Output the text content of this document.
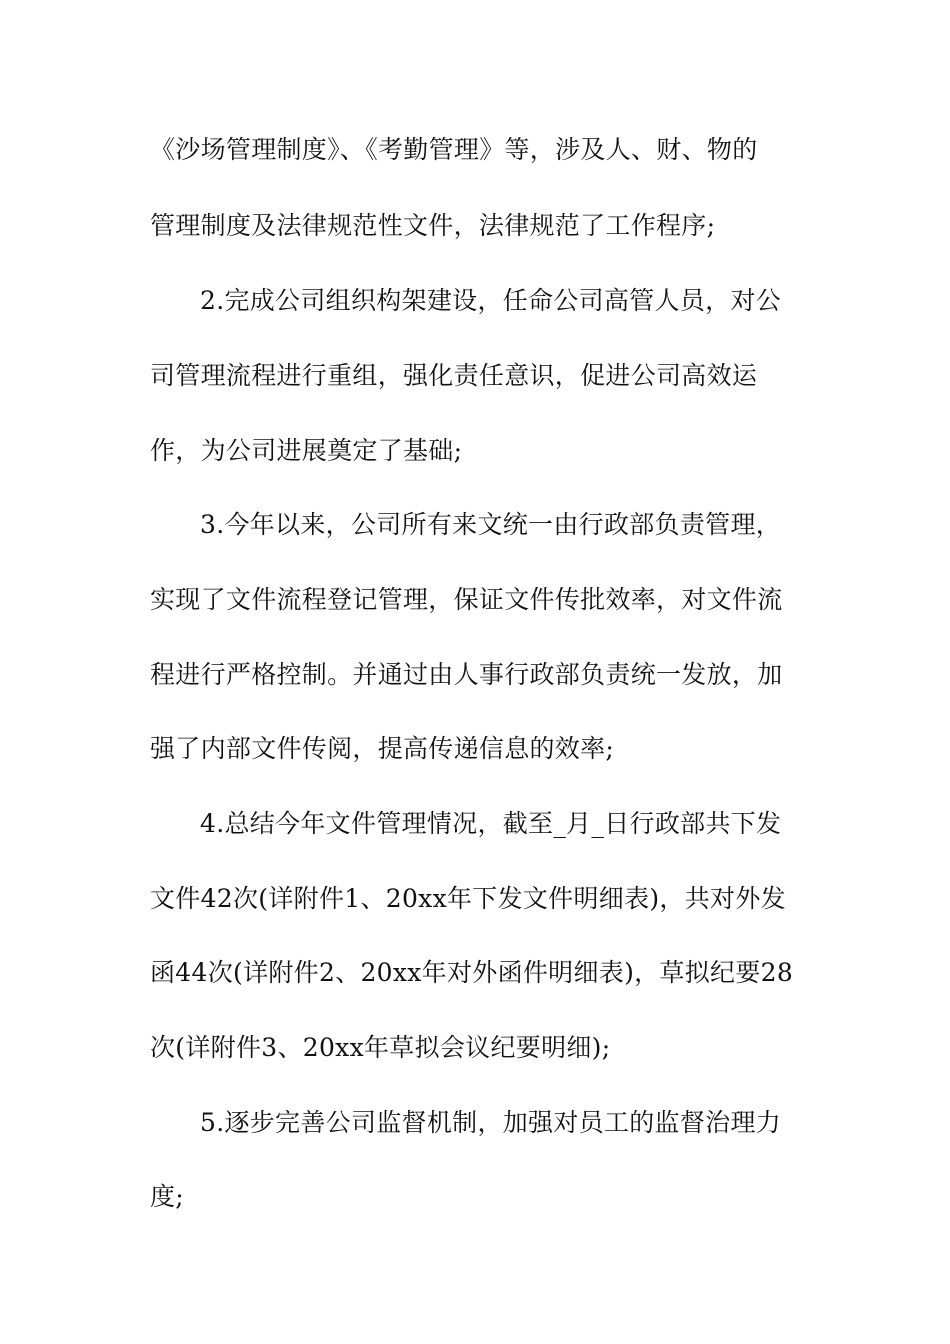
《沙场管理制度》、《考勤管理》等，涉及人、财、物的
管理制度及法律规范性文件，法律规范了工作程序;
2.完成公司组织构架建设，任命公司高管人员，对公
司管理流程进行重组，强化责任意识，促进公司高效运
作，为公司进展奠定了基础;
3.今年以来，公司所有来文统一由行政部负责管理，
实现了文件流程登记管理，保证文件传批效率，对文件流
程进行严格控制。并通过由人事行政部负责统一发放，加
强了内部文件传阅，提高传递信息的效率;
4.总结今年文件管理情况，截至_月_日行政部共下发
文件42次(详附件1、20xx年下发文件明细表)，共对外发
函44次(详附件2、20xx年对外函件明细表)，草拟纪要28
次(详附件3、20xx年草拟会议纪要明细);
5.逐步完善公司监督机制，加强对员工的监督治理力
度;
